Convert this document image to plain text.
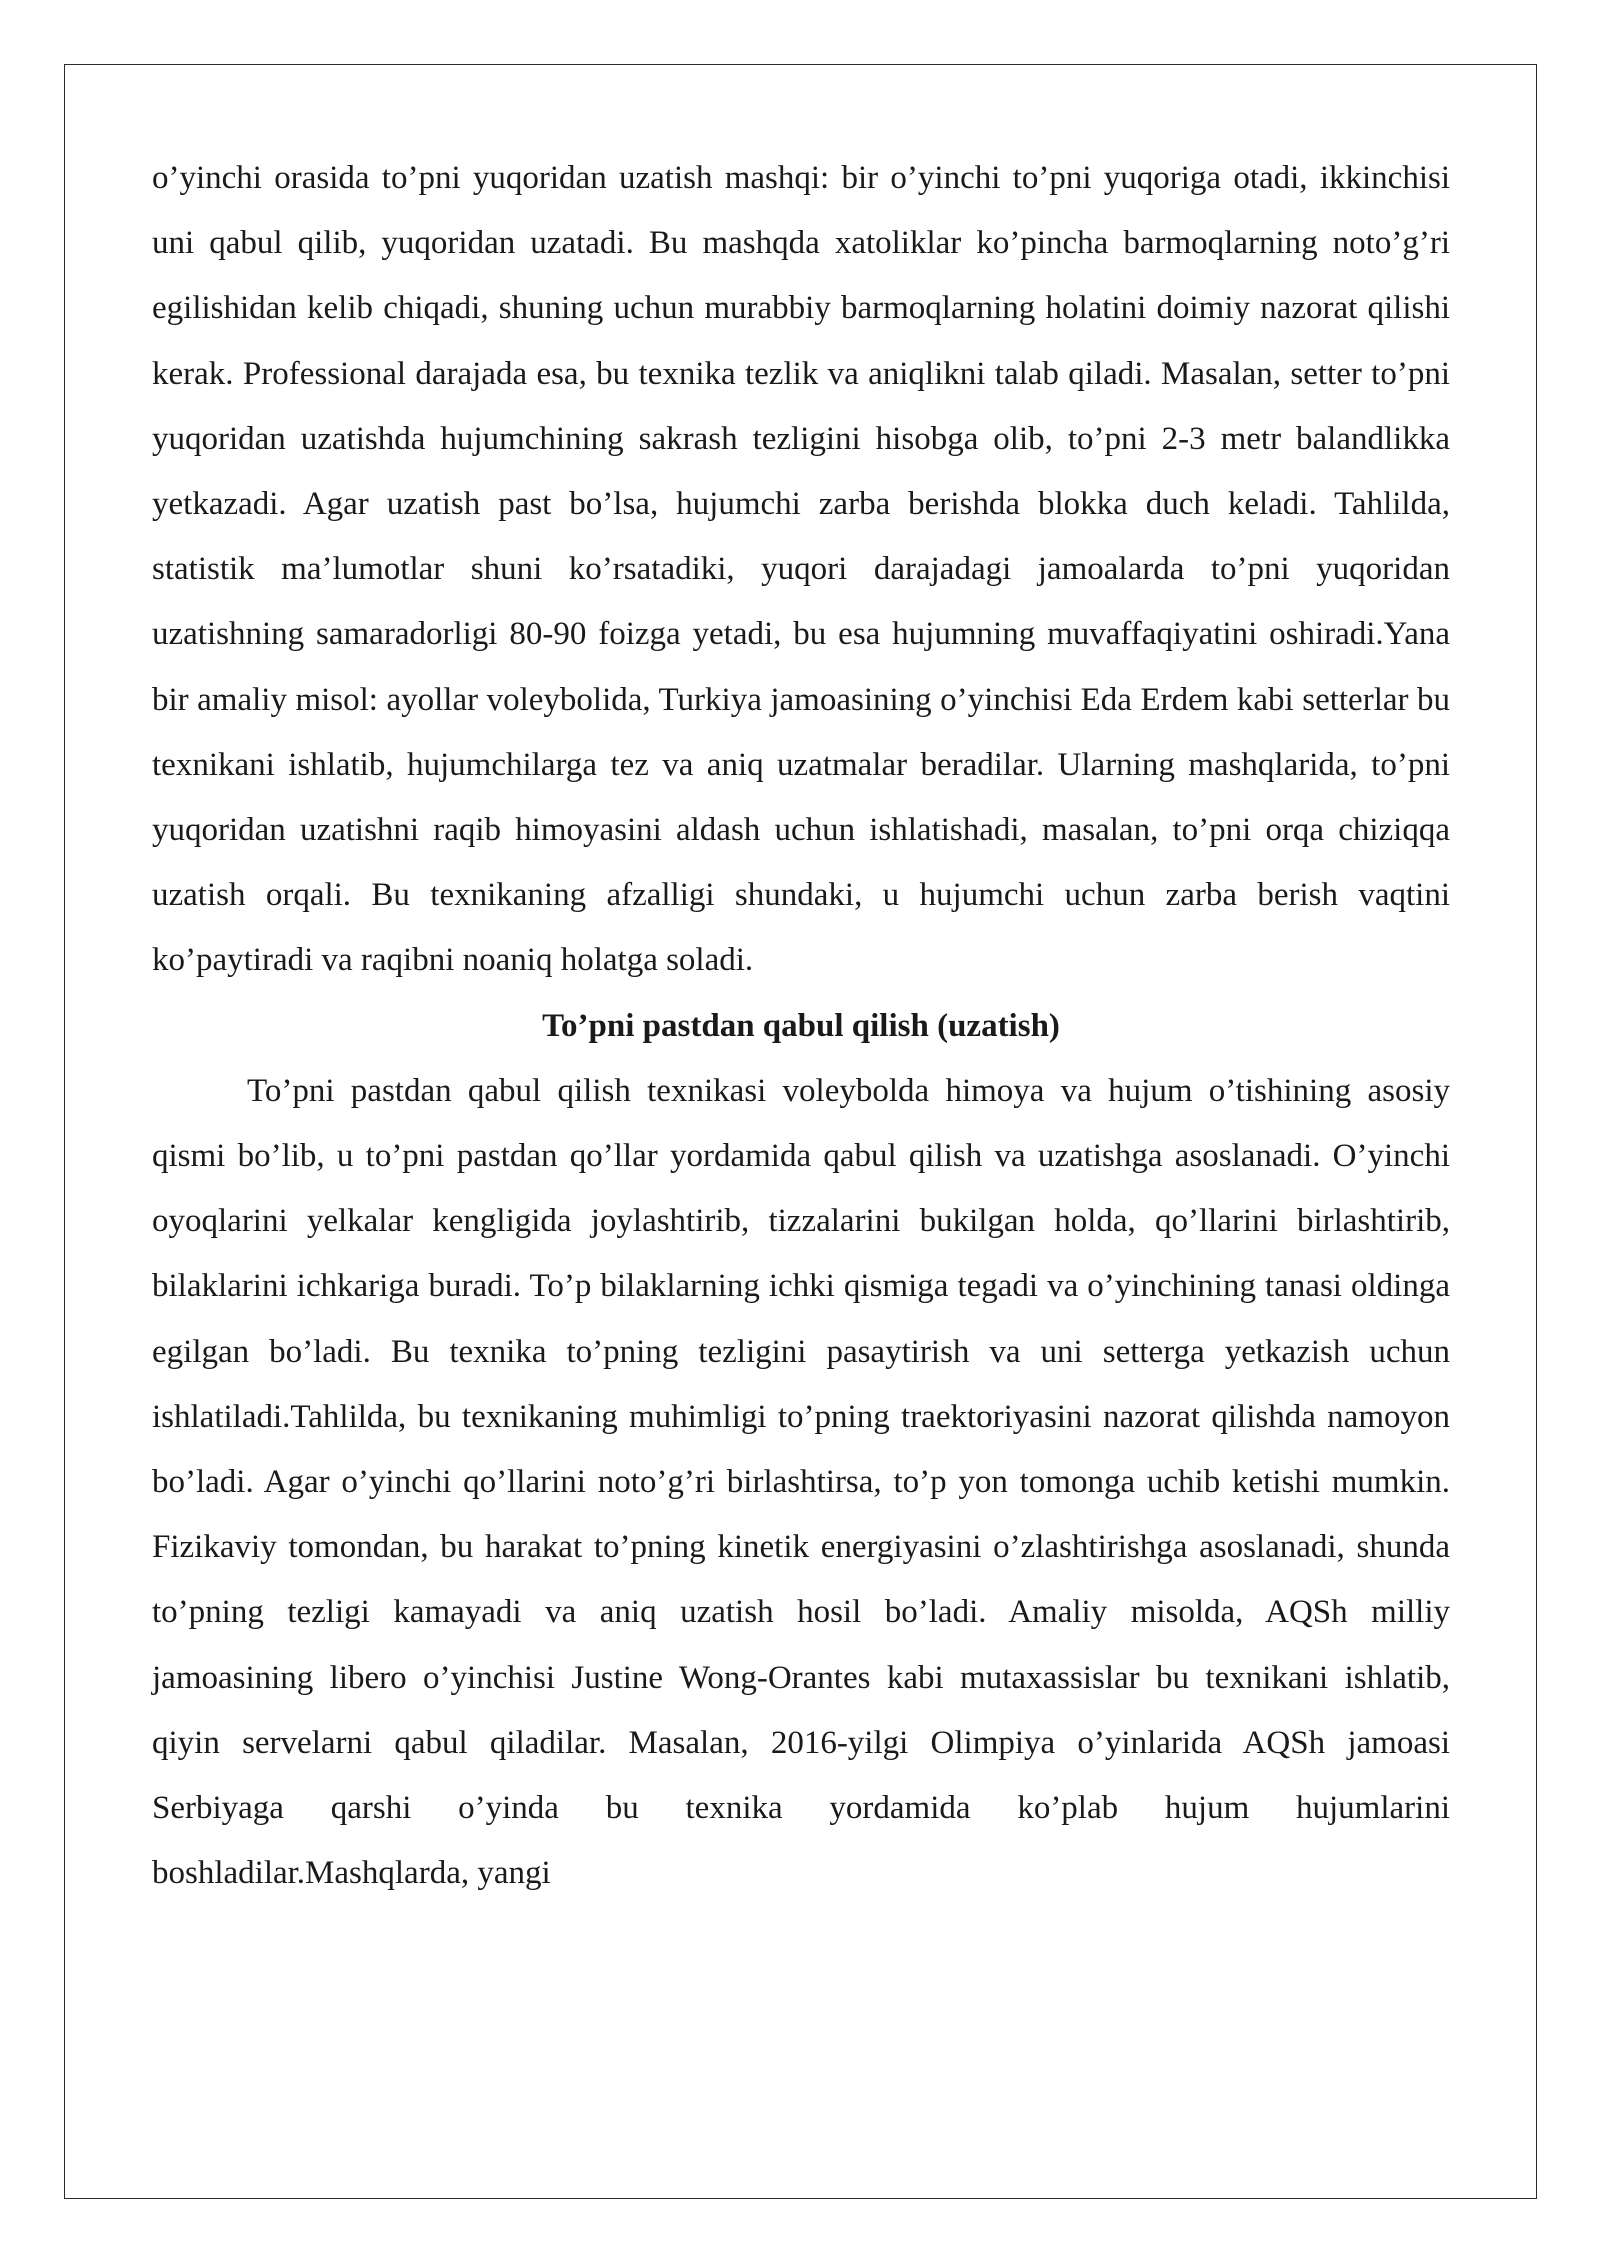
o’yinchi orasida to’pni yuqoridan uzatish mashqi: bir o’yinchi to’pni yuqoriga otadi, ikkinchisi uni qabul qilib, yuqoridan uzatadi. Bu mashqda xatoliklar ko’pincha barmoqlarning noto’g’ri egilishidan kelib chiqadi, shuning uchun murabbiy barmoqlarning holatini doimiy nazorat qilishi kerak. Professional darajada esa, bu texnika tezlik va aniqlikni talab qiladi. Masalan, setter to’pni yuqoridan uzatishda hujumchining sakrash tezligini hisobga olib, to’pni 2-3 metr balandlikka yetkazadi. Agar uzatish past bo’lsa, hujumchi zarba berishda blokka duch keladi. Tahlilda, statistik ma’lumotlar shuni ko’rsatadiki, yuqori darajadagi jamoalarda to’pni yuqoridan uzatishning samaradorligi 80-90 foizga yetadi, bu esa hujumning muvaffaqiyatini oshiradi.Yana bir amaliy misol: ayollar voleybolida, Turkiya jamoasining o’yinchisi Eda Erdem kabi setterlar bu texnikani ishlatib, hujumchilarga tez va aniq uzatmalar beradilar. Ularning mashqlarida, to’pni yuqoridan uzatishni raqib himoyasini aldash uchun ishlatishadi, masalan, to’pni orqa chiziqqa uzatish orqali. Bu texnikaning afzalligi shundaki, u hujumchi uchun zarba berish vaqtini ko’paytiradi va raqibni noaniq holatga soladi.

To’pni pastdan qabul qilish (uzatish)

To’pni pastdan qabul qilish texnikasi voleybolda himoya va hujum o’tishining asosiy qismi bo’lib, u to’pni pastdan qo’llar yordamida qabul qilish va uzatishga asoslanadi. O’yinchi oyoqlarini yelkalar kengligida joylashtirib, tizzalarini bukilgan holda, qo’llarini birlashtirib, bilaklarini ichkariga buradi. To’p bilaklarning ichki qismiga tegadi va o’yinchining tanasi oldinga egilgan bo’ladi. Bu texnika to’pning tezligini pasaytirish va uni setterga yetkazish uchun ishlatiladi.Tahlilda, bu texnikaning muhimligi to’pning traektoriyasini nazorat qilishda namoyon bo’ladi. Agar o’yinchi qo’llarini noto’g’ri birlashtirsa, to’p yon tomonga uchib ketishi mumkin. Fizikaviy tomondan, bu harakat to’pning kinetik energiyasini o’zlashtirishga asoslanadi, shunda to’pning tezligi kamayadi va aniq uzatish hosil bo’ladi. Amaliy misolda, AQSh milliy jamoasining libero o’yinchisi Justine Wong-Orantes kabi mutaxassislar bu texnikani ishlatib, qiyin servelarni qabul qiladilar. Masalan, 2016-yilgi Olimpiya o’yinlarida AQSh jamoasi Serbiyaga qarshi o’yinda bu texnika yordamida ko’plab hujum hujumlarini boshladilar.Mashqlarda, yangi
